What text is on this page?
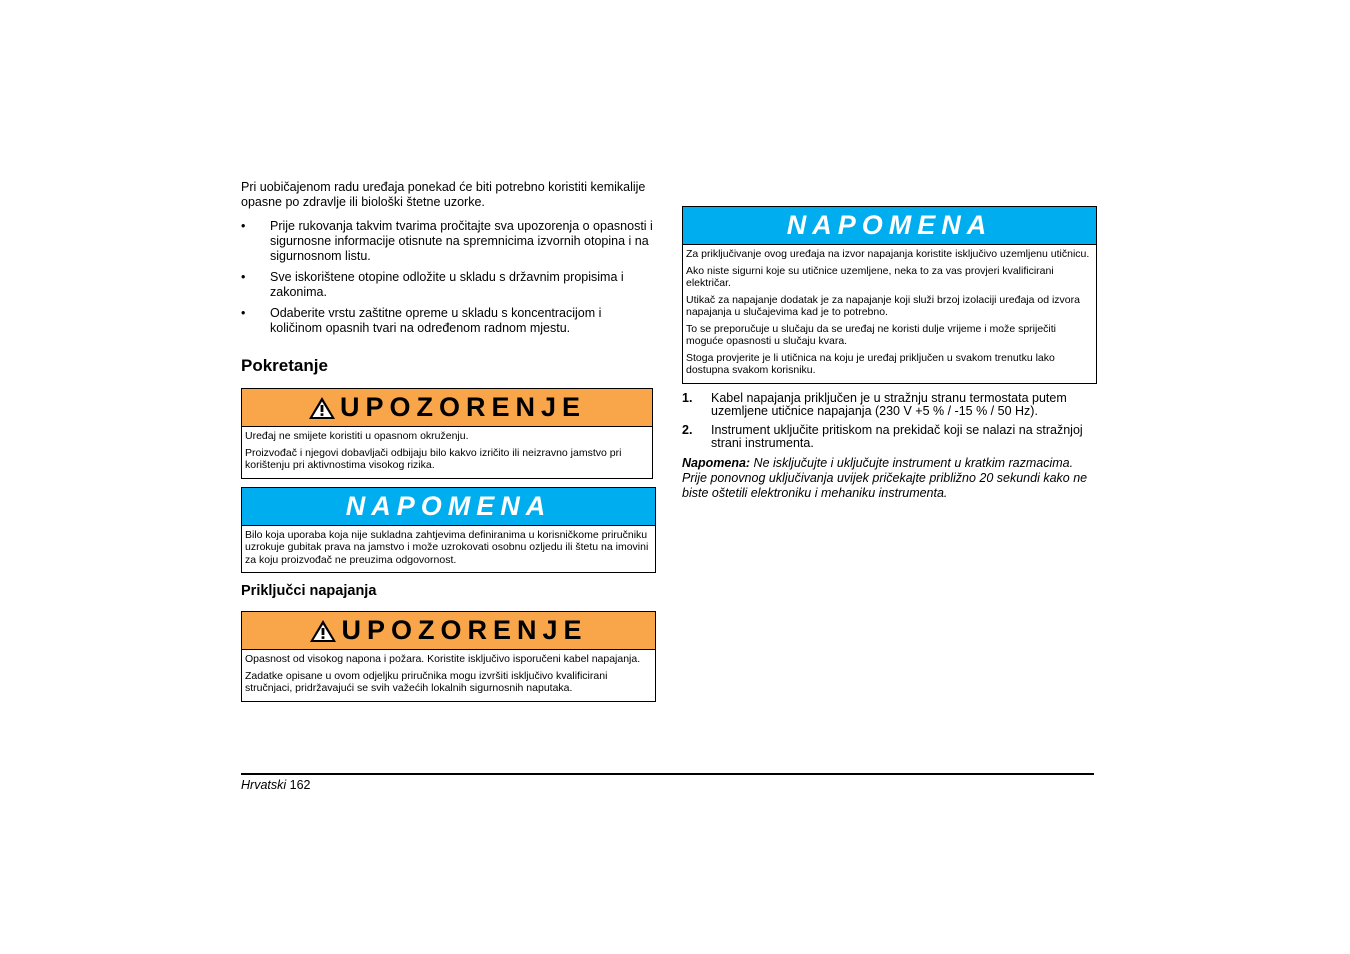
Pri uobičajenom radu uređaja ponekad će biti potrebno koristiti kemikalije opasne po zdravlje ili biološki štetne uzorke.

• Prije rukovanja takvim tvarima pročitajte sva upozorenja o opasnosti i sigurnosne informacije otisnute na spremnicima izvornih otopina i na sigurnosnom listu.
• Sve iskorištene otopine odložite u skladu s državnim propisima i zakonima.
• Odaberite vrstu zaštitne opreme u skladu s koncentracijom i količinom opasnih tvari na određenom radnom mjestu.
Pokretanje
UPOZORENJE

Uređaj ne smijete koristiti u opasnom okruženju.

Proizvođač i njegovi dobavljači odbijaju bilo kakvo izričito ili neizravno jamstvo pri korištenju pri aktivnostima visokog rizika.

NAPOMENA

Bilo koja uporaba koja nije sukladna zahtjevima definiranima u korisničkome priručniku uzrokuje gubitak prava na jamstvo i može uzrokovati osobnu ozljedu ili štetu na imovini za koju proizvođač ne preuzima odgovornost.

Priključci napajanja
UPOZORENJE

Opasnost od visokog napona i požara. Koristite isključivo isporučeni kabel napajanja.

Zadatke opisane u ovom odjeljku priručnika mogu izvršiti isključivo kvalificirani stručnjaci, pridržavajući se svih važećih lokalnih sigurnosnih naputaka.

NAPOMENA

Za priključivanje ovog uređaja na izvor napajanja koristite isključivo uzemljenu utičnicu.

Ako niste sigurni koje su utičnice uzemljene, neka to za vas provjeri kvalificirani električar.

Utikač za napajanje dodatak je za napajanje koji služi brzoj izolaciji uređaja od izvora napajanja u slučajevima kad je to potrebno.

To se preporučuje u slučaju da se uređaj ne koristi dulje vrijeme i može spriječiti moguće opasnosti u slučaju kvara.

Stoga provjerite je li utičnica na koju je uređaj priključen u svakom trenutku lako dostupna svakom korisniku.

1. Kabel napajanja priključen je u stražnju stranu termostata putem uzemljene utičnice napajanja (230 V +5 % / -15 % / 50 Hz).
2. Instrument uključite pritiskom na prekidač koji se nalazi na stražnjoj strani instrumenta.
Napomena: Ne isključujte i uključujte instrument u kratkim razmacima. Prije ponovnog uključivanja uvijek pričekajte približno 20 sekundi kako ne biste oštetili elektroniku i mehaniku instrumenta.
Hrvatski 162
